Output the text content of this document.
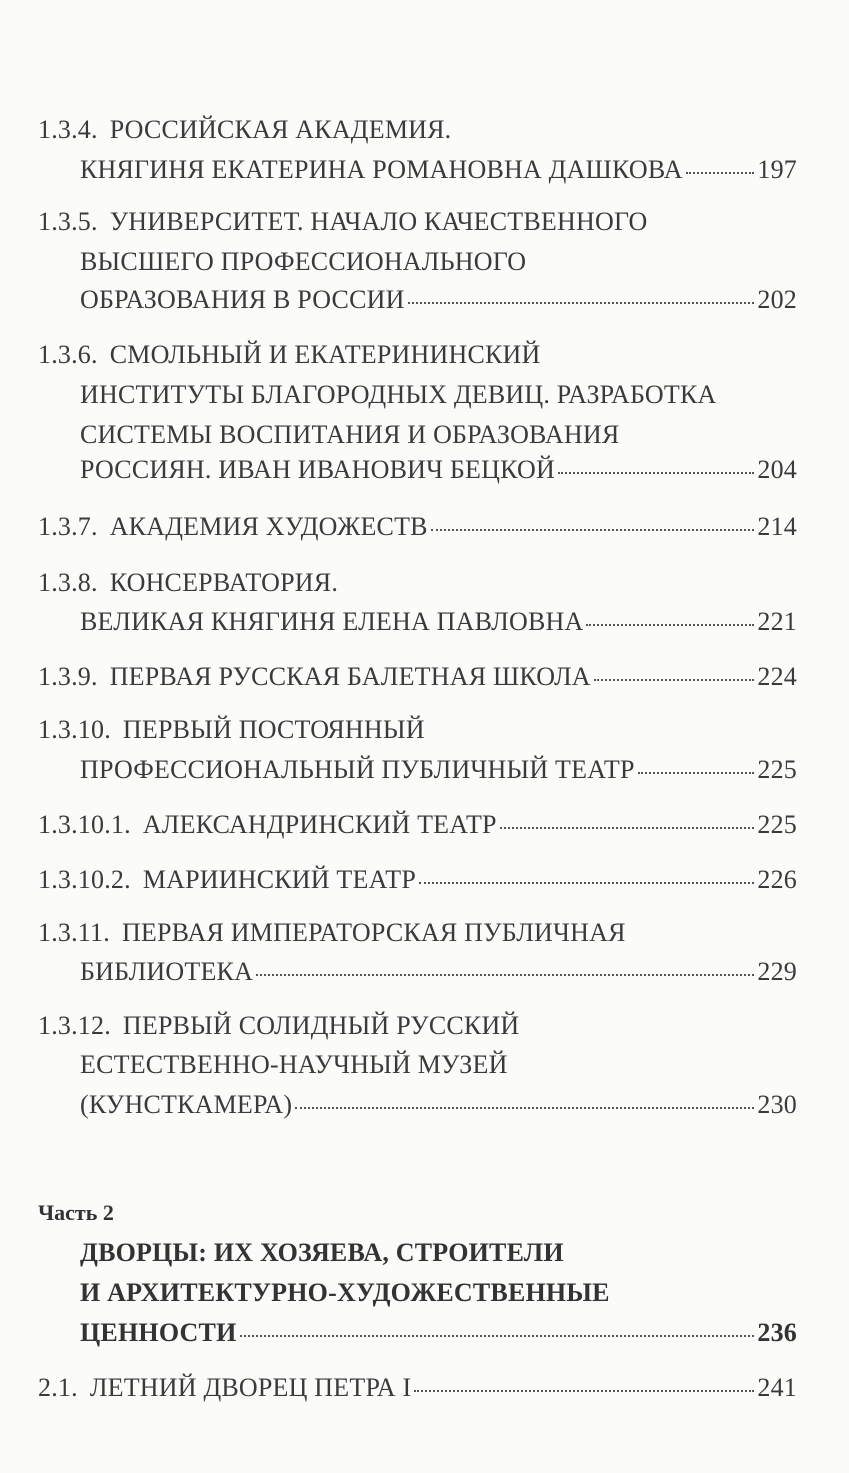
1.3.4. РОССИЙСКАЯ АКАДЕМИЯ.
КНЯГИНЯ ЕКАТЕРИНА РОМАНОВНА ДАШКОВА	197
1.3.5. УНИВЕРСИТЕТ. НАЧАЛО КАЧЕСТВЕННОГО
ВЫСШЕГО ПРОФЕССИОНАЛЬНОГО
ОБРАЗОВАНИЯ В РОССИИ	202
1.3.6. СМОЛЬНЫЙ И ЕКАТЕРИНИНСКИЙ
ИНСТИТУТЫ БЛАГОРОДНЫХ ДЕВИЦ. РАЗРАБОТКА
СИСТЕМЫ ВОСПИТАНИЯ И ОБРАЗОВАНИЯ
РОССИЯН. ИВАН ИВАНОВИЧ БЕЦКОЙ	204
1.3.7. АКАДЕМИЯ ХУДОЖЕСТВ	214
1.3.8. КОНСЕРВАТОРИЯ.
ВЕЛИКАЯ КНЯГИНЯ ЕЛЕНА ПАВЛОВНА	221
1.3.9. ПЕРВАЯ РУССКАЯ БАЛЕТНАЯ ШКОЛА	224
1.3.10. ПЕРВЫЙ ПОСТОЯННЫЙ
ПРОФЕССИОНАЛЬНЫЙ ПУБЛИЧНЫЙ ТЕАТР	225
1.3.10.1. АЛЕКСАНДРИНСКИЙ ТЕАТР	225
1.3.10.2. МАРИИНСКИЙ ТЕАТР	226
1.3.11. ПЕРВАЯ ИМПЕРАТОРСКАЯ ПУБЛИЧНАЯ
БИБЛИОТЕКА	229
1.3.12. ПЕРВЫЙ СОЛИДНЫЙ РУССКИЙ
ЕСТЕСТВЕННО-НАУЧНЫЙ МУЗЕЙ
(КУНСТКАМЕРА)	230
ДВОРЦЫ: ИХ ХОЗЯЕВА, СТРОИТЕЛИ
И АРХИТЕКТУРНО-ХУДОЖЕСТВЕННЫЕ
ЦЕННОСТИ	236
2.1. ЛЕТНИЙ ДВОРЕЦ ПЕТРА I	241
Часть 2
